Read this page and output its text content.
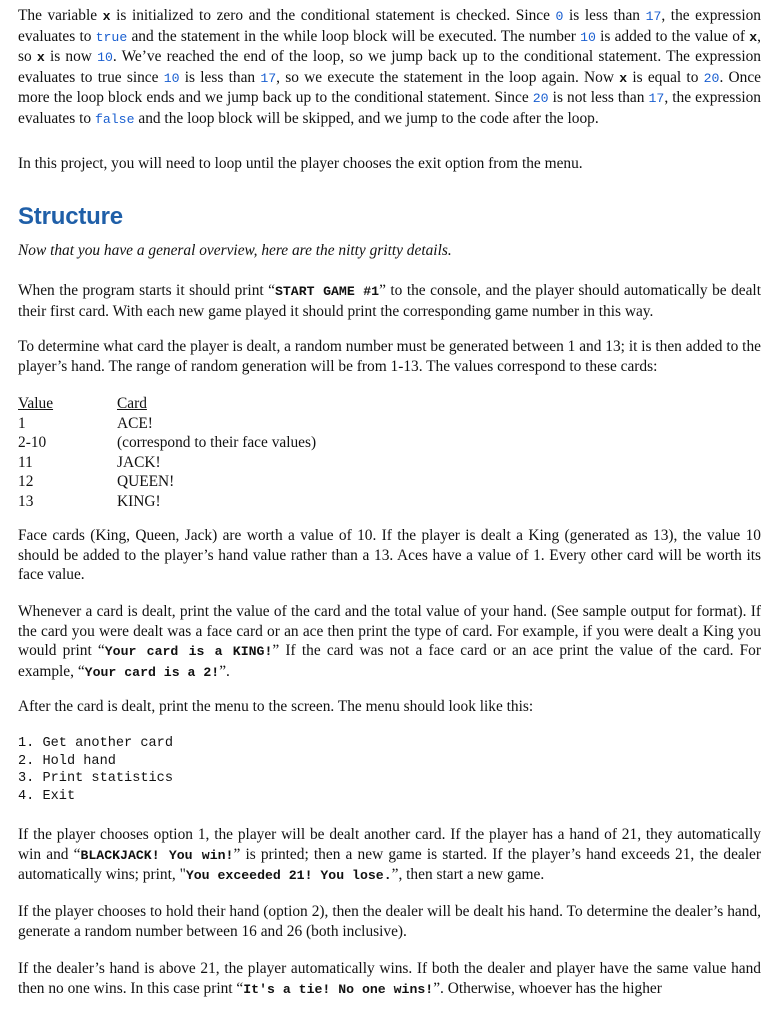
The variable x is initialized to zero and the conditional statement is checked. Since 0 is less than 17, the expression evaluates to true and the statement in the while loop block will be executed. The number 10 is added to the value of x, so x is now 10. We’ve reached the end of the loop, so we jump back up to the conditional statement. The expression evaluates to true since 10 is less than 17, so we execute the statement in the loop again. Now x is equal to 20. Once more the loop block ends and we jump back up to the conditional statement. Since 20 is not less than 17, the expression evaluates to false and the loop block will be skipped, and we jump to the code after the loop.

In this project, you will need to loop until the player chooses the exit option from the menu.

Structure
Now that you have a general overview, here are the nitty gritty details.

When the program starts it should print “START GAME #1” to the console, and the player should automatically be dealt their first card. With each new game played it should print the corresponding game number in this way.

To determine what card the player is dealt, a random number must be generated between 1 and 13; it is then added to the player’s hand. The range of random generation will be from 1-13. The values correspond to these cards:

Value	Card
1	ACE!
2-10	(correspond to their face values)
11	JACK!
12	QUEEN!
13	KING!

Face cards (King, Queen, Jack) are worth a value of 10. If the player is dealt a King (generated as 13), the value 10 should be added to the player’s hand value rather than a 13. Aces have a value of 1. Every other card will be worth its face value.

Whenever a card is dealt, print the value of the card and the total value of your hand. (See sample output for format). If the card you were dealt was a face card or an ace then print the type of card. For example, if you were dealt a King you would print “Your card is a KING!” If the card was not a face card or an ace print the value of the card. For example, “Your card is a 2!”.

After the card is dealt, print the menu to the screen. The menu should look like this:

1. Get another card
2. Hold hand
3. Print statistics
4. Exit

If the player chooses option 1, the player will be dealt another card. If the player has a hand of 21, they automatically win and “BLACKJACK! You win!” is printed; then a new game is started. If the player’s hand exceeds 21, the dealer automatically wins; print, "You exceeded 21! You lose.”, then start a new game.

If the player chooses to hold their hand (option 2), then the dealer will be dealt his hand. To determine the dealer’s hand, generate a random number between 16 and 26 (both inclusive).

If the dealer’s hand is above 21, the player automatically wins. If both the dealer and player have the same value hand then no one wins. In this case print “It's a tie! No one wins!”. Otherwise, whoever has the higher
